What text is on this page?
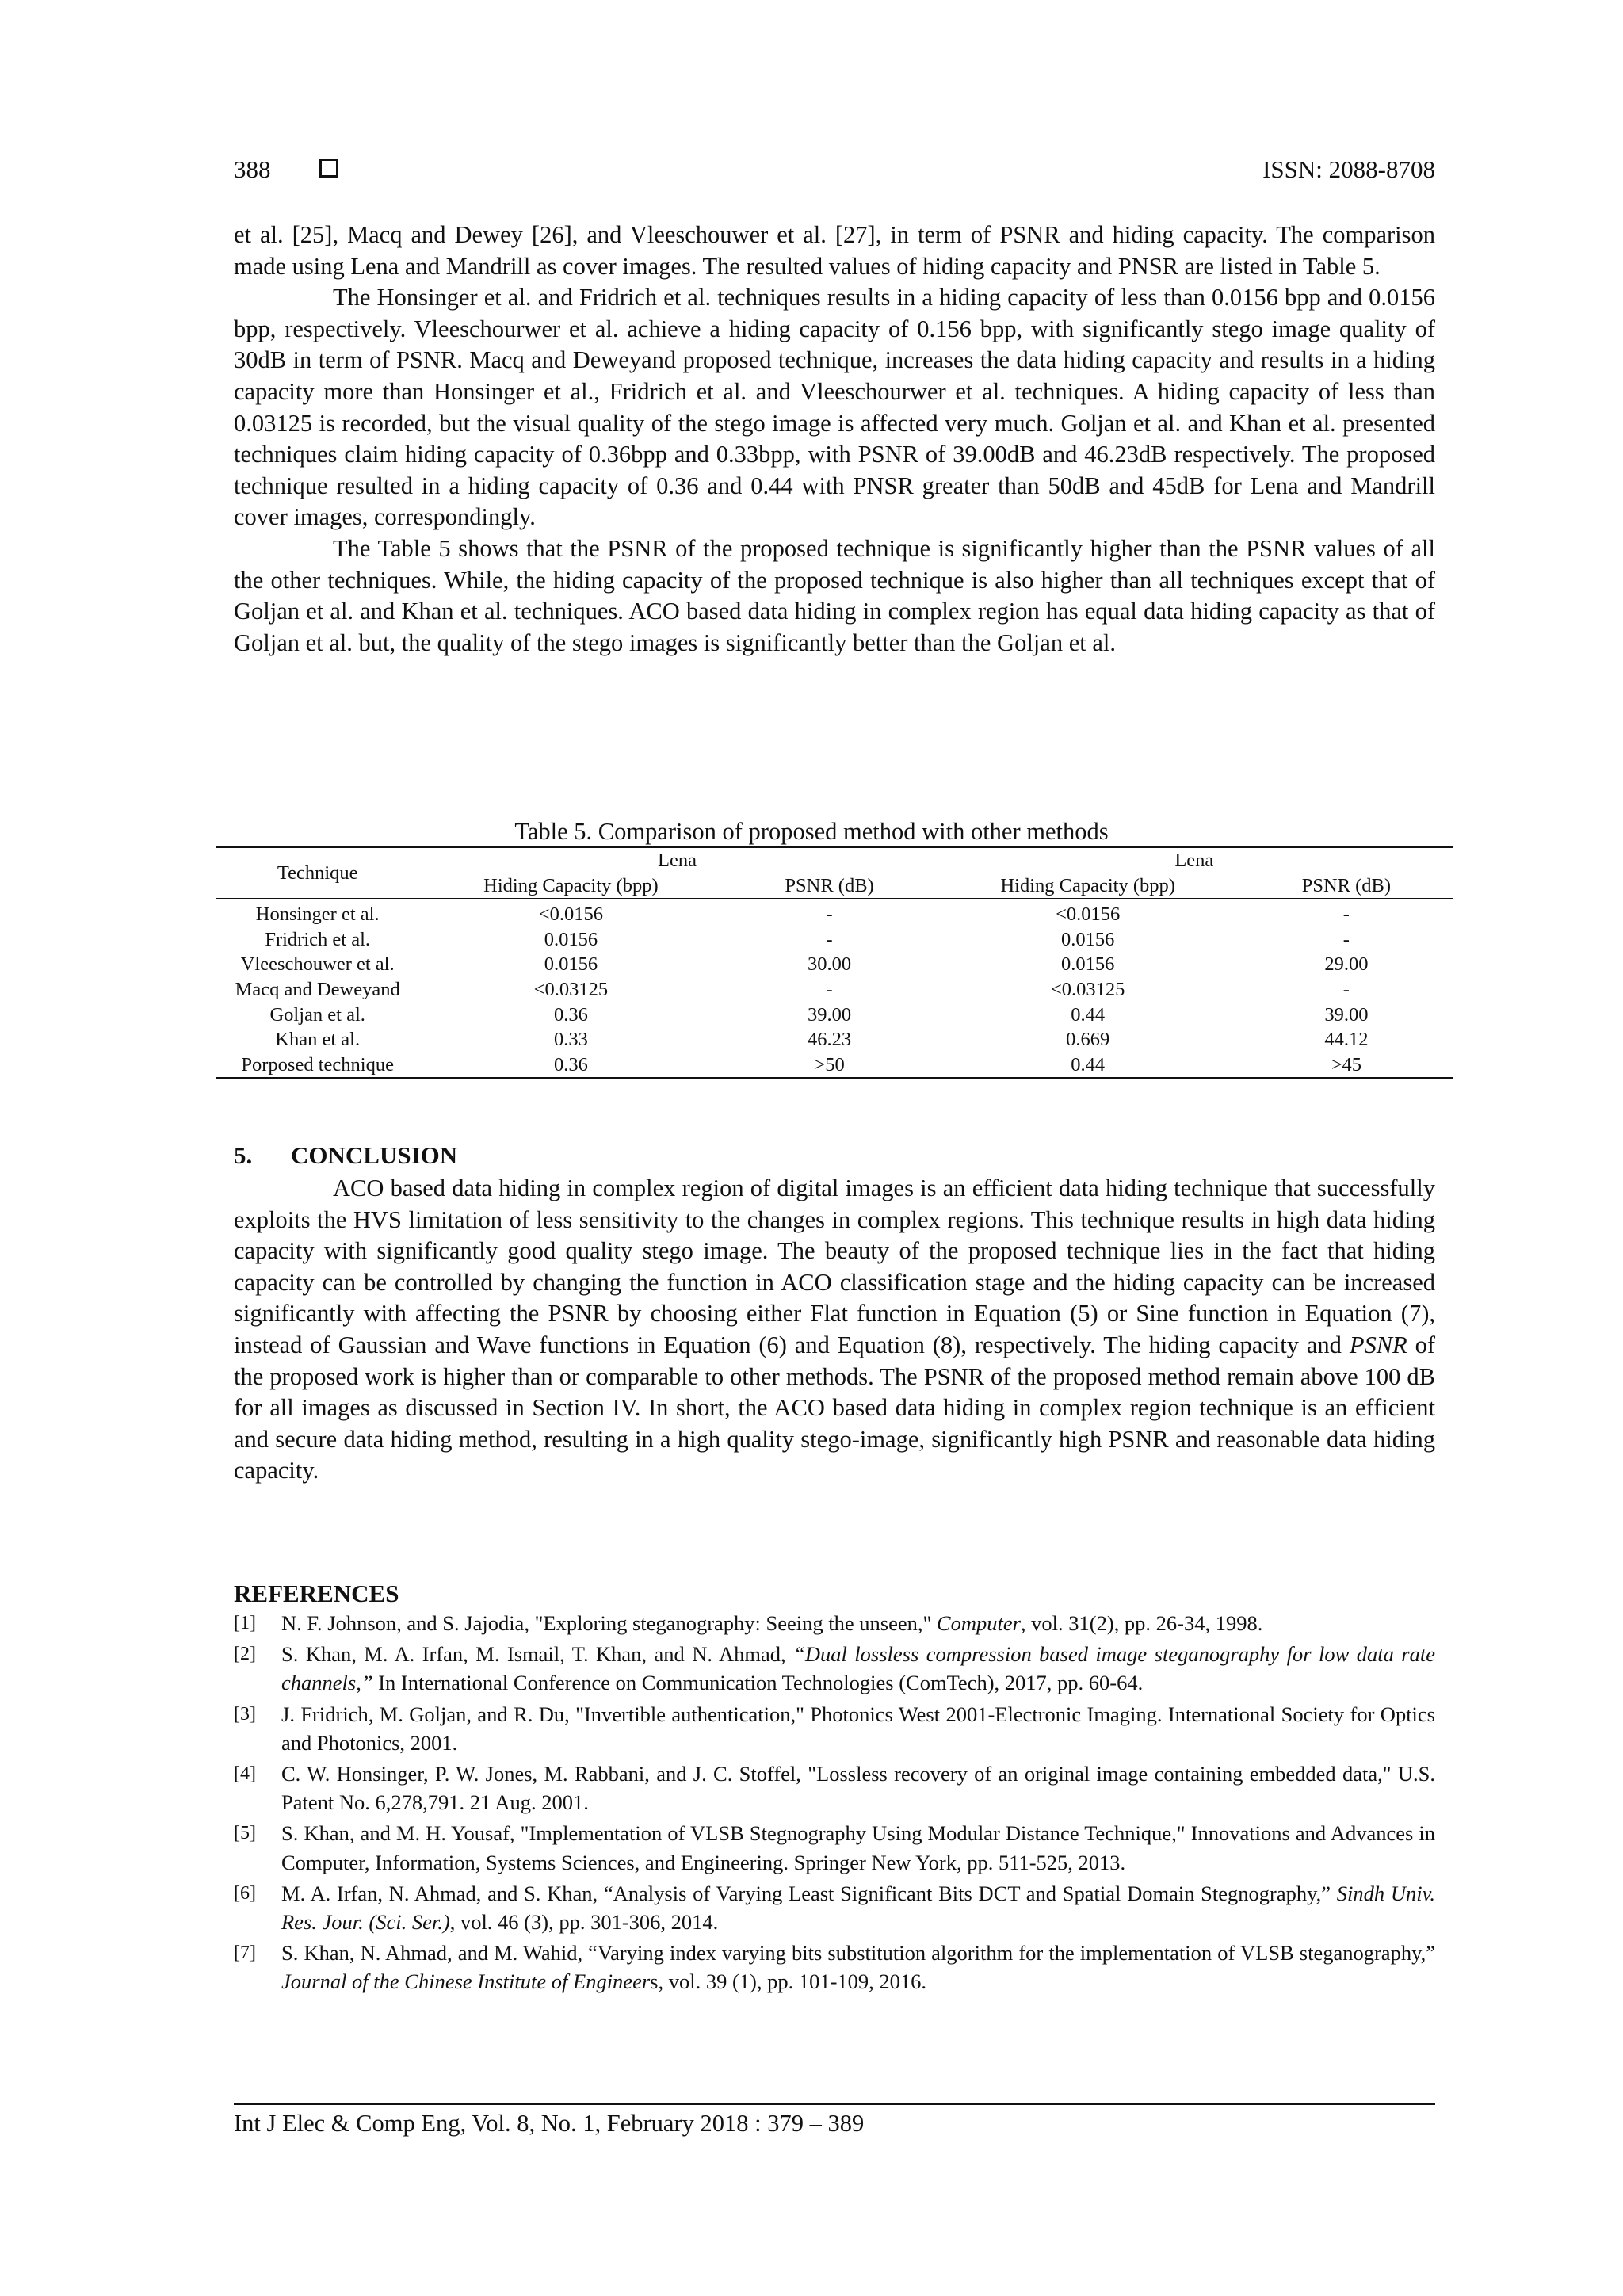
388	ISSN: 2088-8708

et al. [25], Macq and Dewey [26], and Vleeschouwer et al. [27], in term of PSNR and hiding capacity. The comparison made using Lena and Mandrill as cover images. The resulted values of hiding capacity and PNSR are listed in Table 5.

The Honsinger et al. and Fridrich et al. techniques results in a hiding capacity of less than 0.0156 bpp and 0.0156 bpp, respectively. Vleeschourwer et al. achieve a hiding capacity of 0.156 bpp, with significantly stego image quality of 30dB in term of PSNR. Macq and Deweyand proposed technique, increases the data hiding capacity and results in a hiding capacity more than Honsinger et al., Fridrich et al. and Vleeschourwer et al. techniques. A hiding capacity of less than 0.03125 is recorded, but the visual quality of the stego image is affected very much. Goljan et al. and Khan et al. presented techniques claim hiding capacity of 0.36bpp and 0.33bpp, with PSNR of 39.00dB and 46.23dB respectively. The proposed technique resulted in a hiding capacity of 0.36 and 0.44 with PNSR greater than 50dB and 45dB for Lena and Mandrill cover images, correspondingly.

The Table 5 shows that the PSNR of the proposed technique is significantly higher than the PSNR values of all the other techniques. While, the hiding capacity of the proposed technique is also higher than all techniques except that of Goljan et al. and Khan et al. techniques. ACO based data hiding in complex region has equal data hiding capacity as that of Goljan et al. but, the quality of the stego images is significantly better than the Goljan et al.

Table 5. Comparison of proposed method with other methods
Technique	Lena		Lena	
	Hiding Capacity (bpp)	PSNR (dB)	Hiding Capacity (bpp)	PSNR (dB)
Honsinger et al.	<0.0156	-	<0.0156	-
Fridrich et al.	0.0156	-	0.0156	-
Vleeschouwer et al.	0.0156	30.00	0.0156	29.00
Macq and Deweyand	<0.03125	-	<0.03125	-
Goljan et al.	0.36	39.00	0.44	39.00
Khan et al.	0.33	46.23	0.669	44.12
Porposed technique	0.36	>50	0.44	>45
5. CONCLUSION

ACO based data hiding in complex region of digital images is an efficient data hiding technique that successfully exploits the HVS limitation of less sensitivity to the changes in complex regions. This technique results in high data hiding capacity with significantly good quality stego image. The beauty of the proposed technique lies in the fact that hiding capacity can be controlled by changing the function in ACO classification stage and the hiding capacity can be increased significantly with affecting the PSNR by choosing either Flat function in Equation (5) or Sine function in Equation (7), instead of Gaussian and Wave functions in Equation (6) and Equation (8), respectively. The hiding capacity and PSNR of the proposed work is higher than or comparable to other methods. The PSNR of the proposed method remain above 100 dB for all images as discussed in Section IV. In short, the ACO based data hiding in complex region technique is an efficient and secure data hiding method, resulting in a high quality stego-image, significantly high PSNR and reasonable data hiding capacity.

REFERENCES

[1] N. F. Johnson, and S. Jajodia, "Exploring steganography: Seeing the unseen," Computer, vol. 31(2), pp. 26-34, 1998.

[2] S. Khan, M. A. Irfan, M. Ismail, T. Khan, and N. Ahmad, “Dual lossless compression based image steganography for low data rate channels,” In International Conference on Communication Technologies (ComTech), 2017, pp. 60-64.

[3] J. Fridrich, M. Goljan, and R. Du, "Invertible authentication," Photonics West 2001-Electronic Imaging. International Society for Optics and Photonics, 2001.

[4] C. W. Honsinger, P. W. Jones, M. Rabbani, and J. C. Stoffel, "Lossless recovery of an original image containing embedded data," U.S. Patent No. 6,278,791. 21 Aug. 2001.

[5] S. Khan, and M. H. Yousaf, "Implementation of VLSB Stegnography Using Modular Distance Technique," Innovations and Advances in Computer, Information, Systems Sciences, and Engineering. Springer New York, pp. 511-525, 2013.

[6] M. A. Irfan, N. Ahmad, and S. Khan, “Analysis of Varying Least Significant Bits DCT and Spatial Domain Stegnography,” Sindh Univ. Res. Jour. (Sci. Ser.), vol. 46 (3), pp. 301-306, 2014.

[7] S. Khan, N. Ahmad, and M. Wahid, “Varying index varying bits substitution algorithm for the implementation of VLSB steganography,” Journal of the Chinese Institute of Engineers, vol. 39 (1), pp. 101-109, 2016.

Int J Elec & Comp Eng, Vol. 8, No. 1, February 2018 : 379 – 389
